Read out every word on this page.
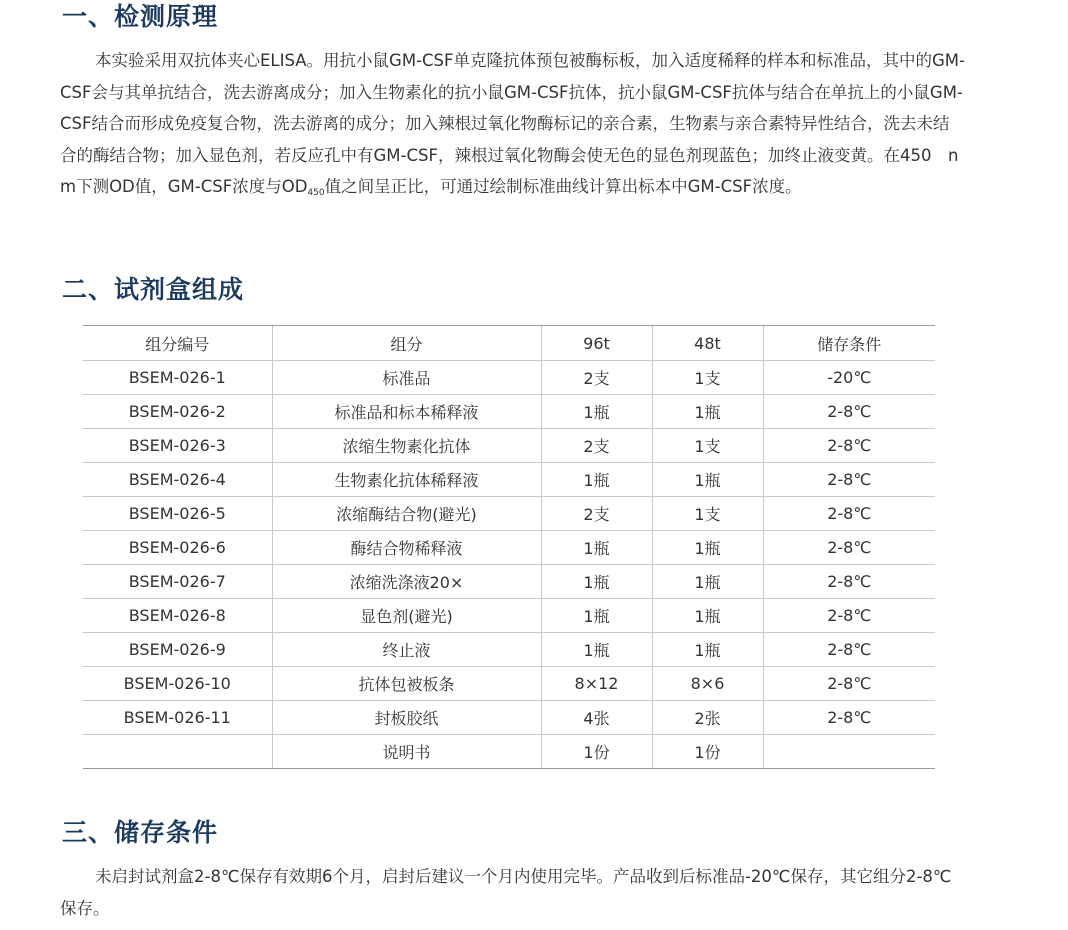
一、检测原理

本实验采用双抗体夹心ELISA。用抗小鼠GM-CSF单克隆抗体预包被酶标板，加入适度稀释的样本和标准品，其中的GM-CSF会与其单抗结合，洗去游离成分；加入生物素化的抗小鼠GM-CSF抗体，抗小鼠GM-CSF抗体与结合在单抗上的小鼠GM-CSF结合而形成免疫复合物，洗去游离的成分；加入辣根过氧化物酶标记的亲合素，生物素与亲合素特异性结合，洗去未结合的酶结合物；加入显色剂，若反应孔中有GM-CSF，辣根过氧化物酶会使无色的显色剂现蓝色；加终止液变黄。在450　nm下测OD值，GM-CSF浓度与$OD_{450}$值之间呈正比，可通过绘制标准曲线计算出标本中GM-CSF浓度。

二、试剂盒组成
组分编号	组分	96t	48t	储存条件
BSEM-026-1	标准品	2支	1支	-20℃
BSEM-026-2	标准品和标本稀释液	1瓶	1瓶	2-8℃
BSEM-026-3	浓缩生物素化抗体	2支	1支	2-8℃
BSEM-026-4	生物素化抗体稀释液	1瓶	1瓶	2-8℃
BSEM-026-5	浓缩酶结合物(避光)	2支	1支	2-8℃
BSEM-026-6	酶结合物稀释液	1瓶	1瓶	2-8℃
BSEM-026-7	浓缩洗涤液20×	1瓶	1瓶	2-8℃
BSEM-026-8	显色剂(避光)	1瓶	1瓶	2-8℃
BSEM-026-9	终止液	1瓶	1瓶	2-8℃
BSEM-026-10	抗体包被板条	8×12	8×6	2-8℃
BSEM-026-11	封板胶纸	4张	2张	2-8℃
	说明书	1份	1份	
三、储存条件

未启封试剂盒2-8℃保存有效期6个月，启封后建议一个月内使用完毕。产品收到后标准品-20℃保存，其它组分2-8℃保存。
